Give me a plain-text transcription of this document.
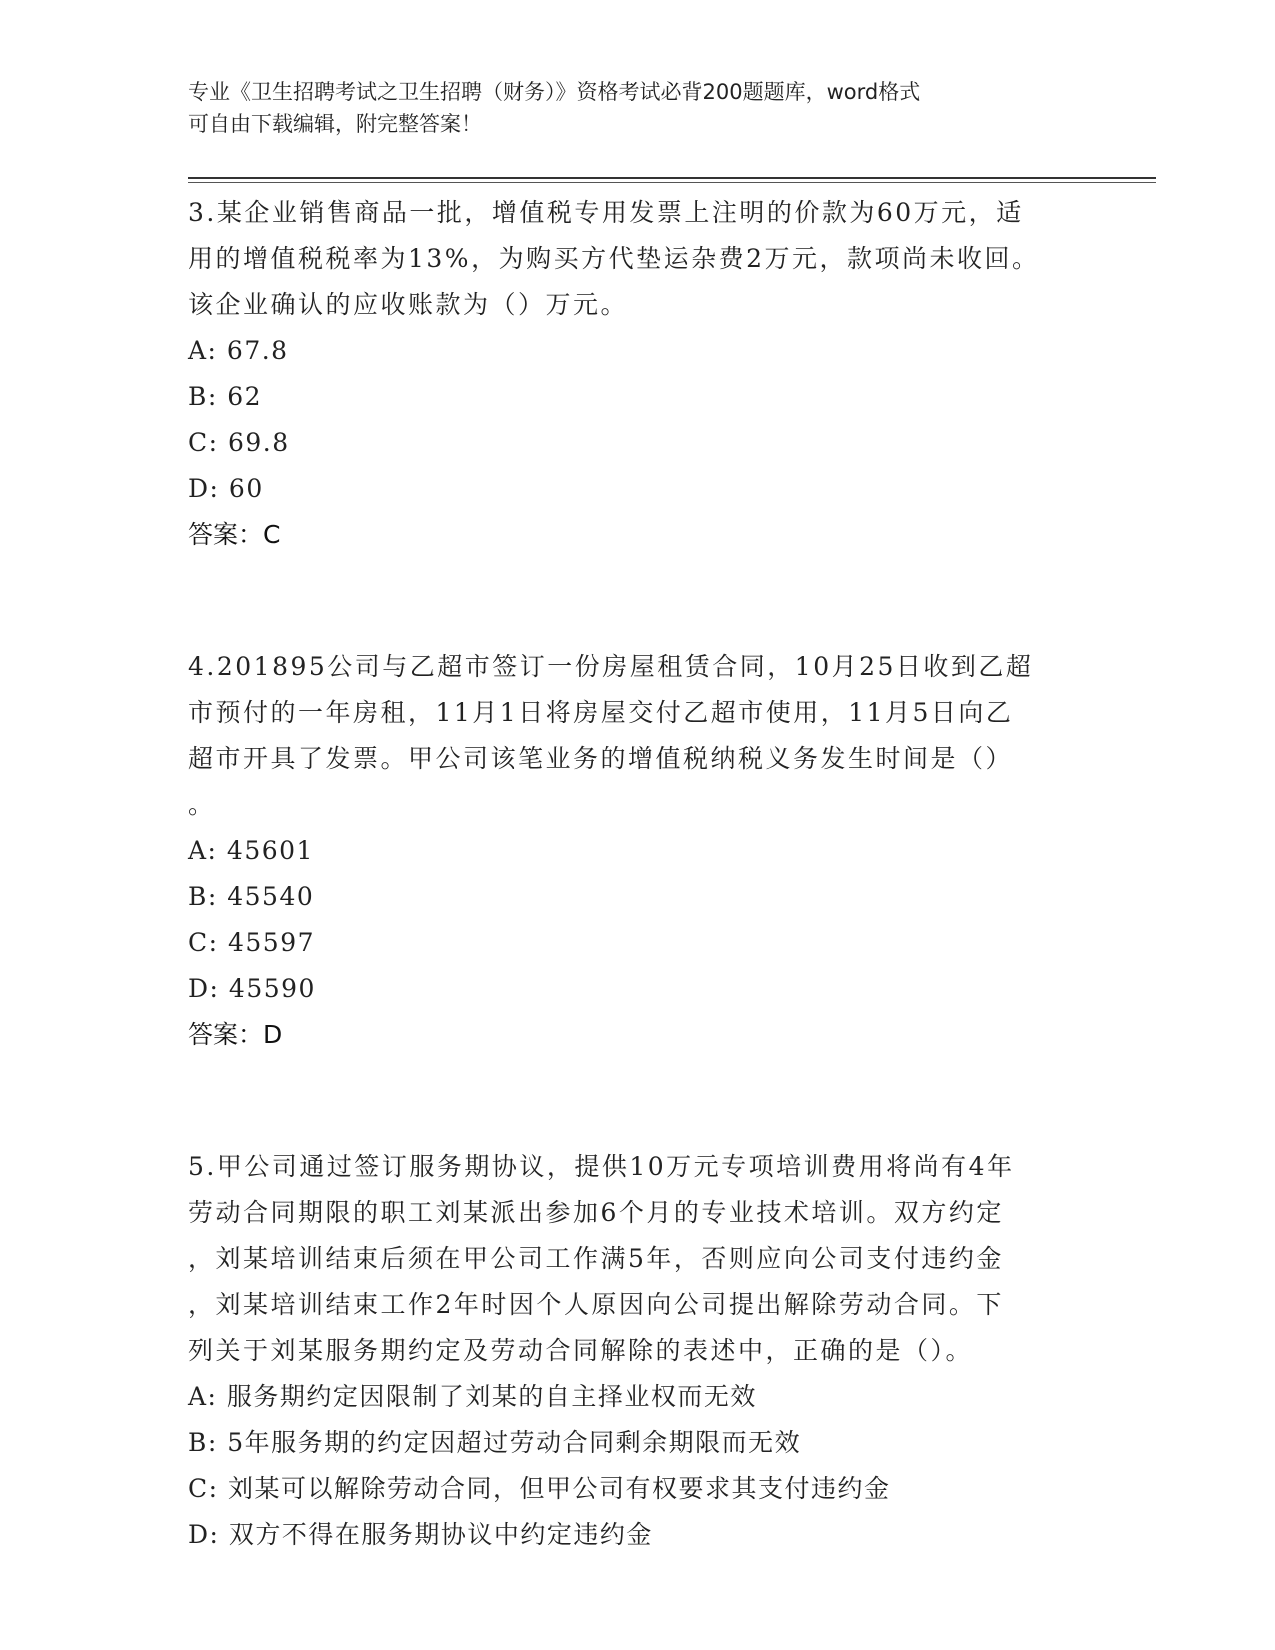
专业《卫生招聘考试之卫生招聘（财务）》资格考试必背200题题库，word格式
可自由下载编辑，附完整答案！
3.某企业销售商品一批，增值税专用发票上注明的价款为60万元，适
用的增值税税率为13%，为购买方代垫运杂费2万元，款项尚未收回。
该企业确认的应收账款为（）万元。
A: 67.8
B: 62
C: 69.8
D: 60
答案：C
4.201895公司与乙超市签订一份房屋租赁合同，10月25日收到乙超
市预付的一年房租，11月1日将房屋交付乙超市使用，11月5日向乙
超市开具了发票。甲公司该笔业务的增值税纳税义务发生时间是（）
。
A: 45601
B: 45540
C: 45597
D: 45590
答案：D
5.甲公司通过签订服务期协议，提供10万元专项培训费用将尚有4年
劳动合同期限的职工刘某派出参加6个月的专业技术培训。双方约定
，刘某培训结束后须在甲公司工作满5年，否则应向公司支付违约金
，刘某培训结束工作2年时因个人原因向公司提出解除劳动合同。下
列关于刘某服务期约定及劳动合同解除的表述中，正确的是（）。
A: 服务期约定因限制了刘某的自主择业权而无效
B: 5年服务期的约定因超过劳动合同剩余期限而无效
C: 刘某可以解除劳动合同，但甲公司有权要求其支付违约金
D: 双方不得在服务期协议中约定违约金
